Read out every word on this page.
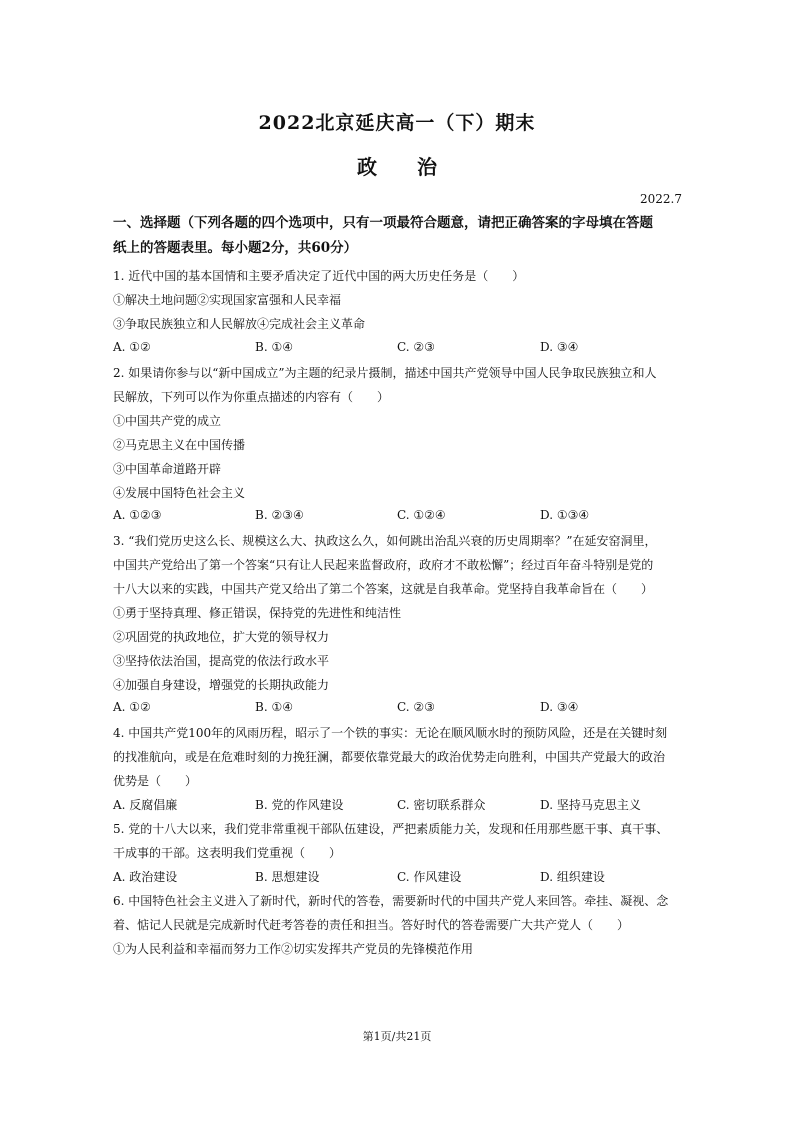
2022北京延庆高一（下）期末
政治
2022.7
一、选择题（下列各题的四个选项中，只有一项最符合题意，请把正确答案的字母填在答题
纸上的答题表里。每小题2分，共60分）
1. 近代中国的基本国情和主要矛盾决定了近代中国的两大历史任务是（　　）
①解决土地问题②实现国家富强和人民幸福
③争取民族独立和人民解放④完成社会主义革命
A. ①②	B. ①④	C. ②③	D. ③④
2. 如果请你参与以“新中国成立”为主题的纪录片摄制，描述中国共产党领导中国人民争取民族独立和人
民解放，下列可以作为你重点描述的内容有（　　）
①中国共产党的成立
②马克思主义在中国传播
③中国革命道路开辟
④发展中国特色社会主义
A. ①②③	B. ②③④	C. ①②④	D. ①③④
3. “我们党历史这么长、规模这么大、执政这么久，如何跳出治乱兴衰的历史周期率？”在延安窑洞里，
中国共产党给出了第一个答案“只有让人民起来监督政府，政府才不敢松懈”；经过百年奋斗特别是党的
十八大以来的实践，中国共产党又给出了第二个答案，这就是自我革命。党坚持自我革命旨在（　　）
①勇于坚持真理、修正错误，保持党的先进性和纯洁性
②巩固党的执政地位，扩大党的领导权力
③坚持依法治国，提高党的依法行政水平
④加强自身建设，增强党的长期执政能力
A. ①②	B. ①④	C. ②③	D. ③④
4. 中国共产党100年的风雨历程，昭示了一个铁的事实：无论在顺风顺水时的预防风险，还是在关键时刻
的找准航向，或是在危难时刻的力挽狂澜，都要依靠党最大的政治优势走向胜利，中国共产党最大的政治
优势是（　　）
A. 反腐倡廉	B. 党的作风建设	C. 密切联系群众	D. 坚持马克思主义
5. 党的十八大以来，我们党非常重视干部队伍建设，严把素质能力关，发现和任用那些愿干事、真干事、
干成事的干部。这表明我们党重视（　　）
A. 政治建设	B. 思想建设	C. 作风建设	D. 组织建设
6. 中国特色社会主义进入了新时代，新时代的答卷，需要新时代的中国共产党人来回答。牵挂、凝视、念
着、惦记人民就是完成新时代赶考答卷的责任和担当。答好时代的答卷需要广大共产党人（　　）
①为人民利益和幸福而努力工作②切实发挥共产党员的先锋模范作用
第1页/共21页
